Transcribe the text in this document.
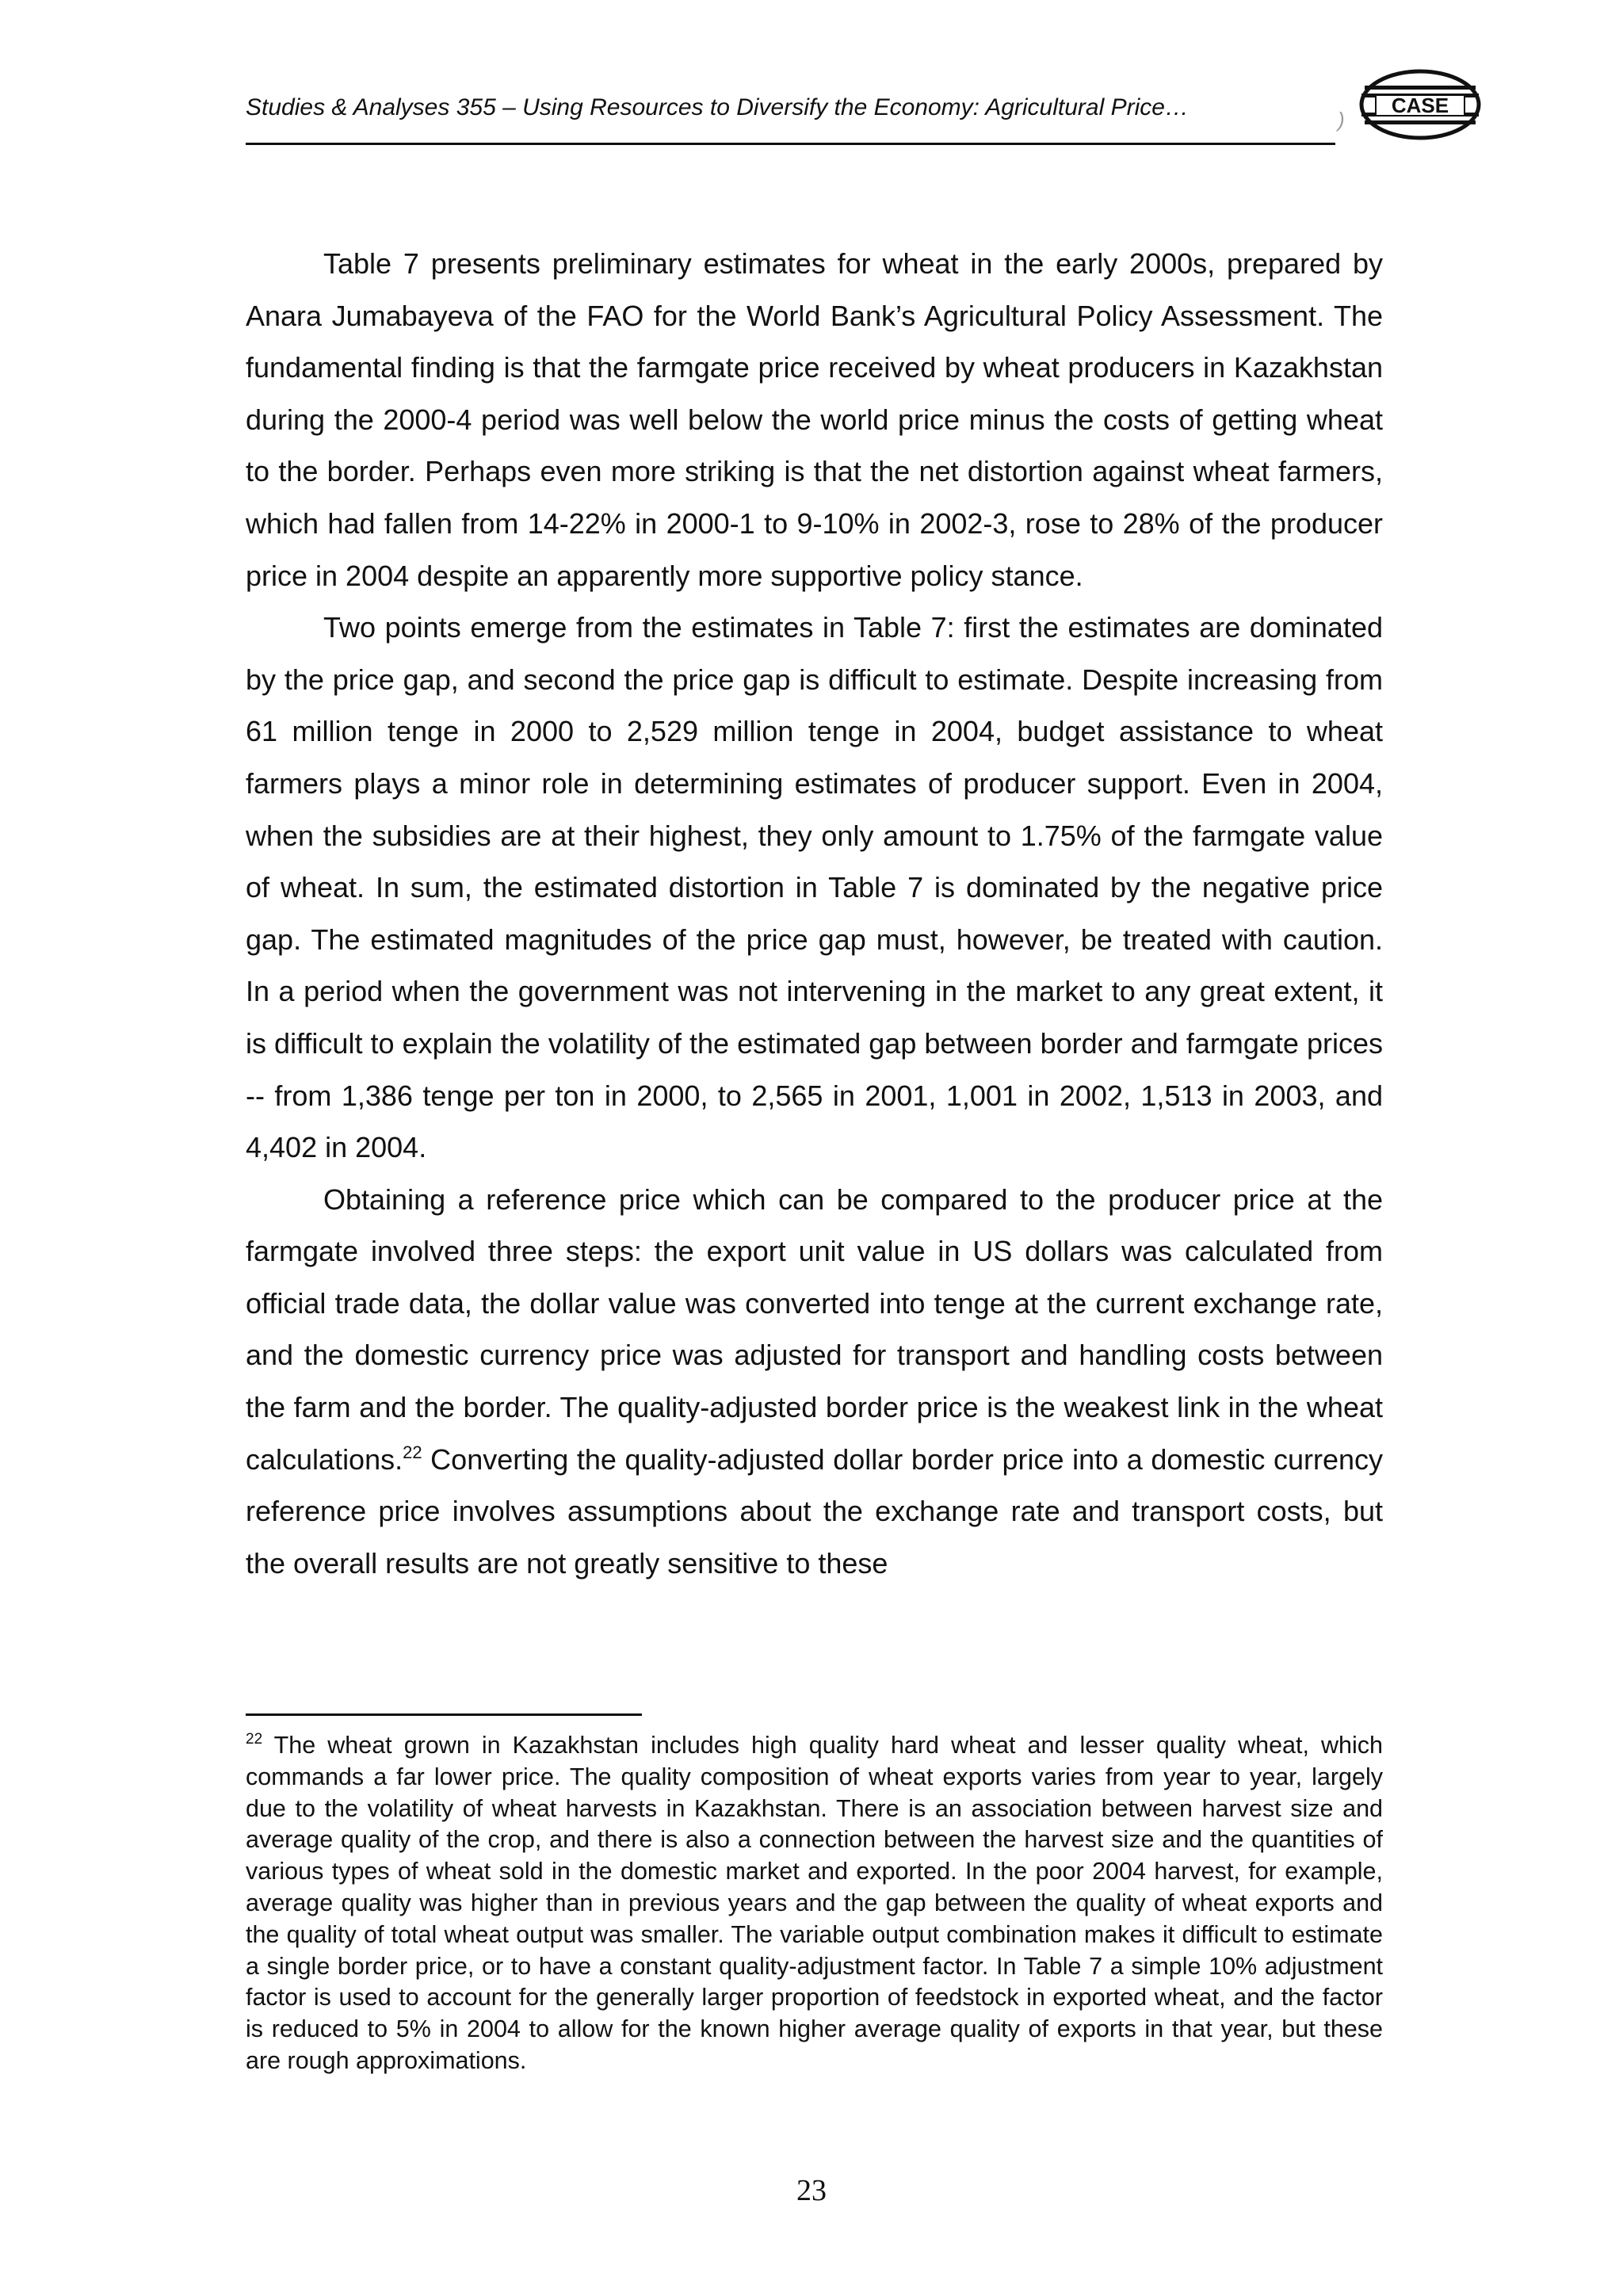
Studies & Analyses 355 – Using Resources to Diversify the Economy: Agricultural Price…	)
CASE

Table 7 presents preliminary estimates for wheat in the early 2000s, prepared by Anara Jumabayeva of the FAO for the World Bank’s Agricultural Policy Assessment. The fundamental finding is that the farmgate price received by wheat producers in Kazakhstan during the 2000-4 period was well below the world price minus the costs of getting wheat to the border. Perhaps even more striking is that the net distortion against wheat farmers, which had fallen from 14-22% in 2000-1 to 9-10% in 2002-3, rose to 28% of the producer price in 2004 despite an apparently more supportive policy stance.

Two points emerge from the estimates in Table 7: first the estimates are dominated by the price gap, and second the price gap is difficult to estimate. Despite increasing from 61 million tenge in 2000 to 2,529 million tenge in 2004, budget assistance to wheat farmers plays a minor role in determining estimates of producer support. Even in 2004, when the subsidies are at their highest, they only amount to 1.75% of the farmgate value of wheat. In sum, the estimated distortion in Table 7 is dominated by the negative price gap. The estimated magnitudes of the price gap must, however, be treated with caution. In a period when the government was not intervening in the market to any great extent, it is difficult to explain the volatility of the estimated gap between border and farmgate prices -- from 1,386 tenge per ton in 2000, to 2,565 in 2001, 1,001 in 2002, 1,513 in 2003, and 4,402 in 2004.

Obtaining a reference price which can be compared to the producer price at the farmgate involved three steps: the export unit value in US dollars was calculated from official trade data, the dollar value was converted into tenge at the current exchange rate, and the domestic currency price was adjusted for transport and handling costs between the farm and the border. The quality-adjusted border price is the weakest link in the wheat calculations.$^{22}$ Converting the quality-adjusted dollar border price into a domestic currency reference price involves assumptions about the exchange rate and transport costs, but the overall results are not greatly sensitive to these

$^{22}$ The wheat grown in Kazakhstan includes high quality hard wheat and lesser quality wheat, which commands a far lower price. The quality composition of wheat exports varies from year to year, largely due to the volatility of wheat harvests in Kazakhstan. There is an association between harvest size and average quality of the crop, and there is also a connection between the harvest size and the quantities of various types of wheat sold in the domestic market and exported. In the poor 2004 harvest, for example, average quality was higher than in previous years and the gap between the quality of wheat exports and the quality of total wheat output was smaller. The variable output combination makes it difficult to estimate a single border price, or to have a constant quality-adjustment factor. In Table 7 a simple 10% adjustment factor is used to account for the generally larger proportion of feedstock in exported wheat, and the factor is reduced to 5% in 2004 to allow for the known higher average quality of exports in that year, but these are rough approximations.

23
